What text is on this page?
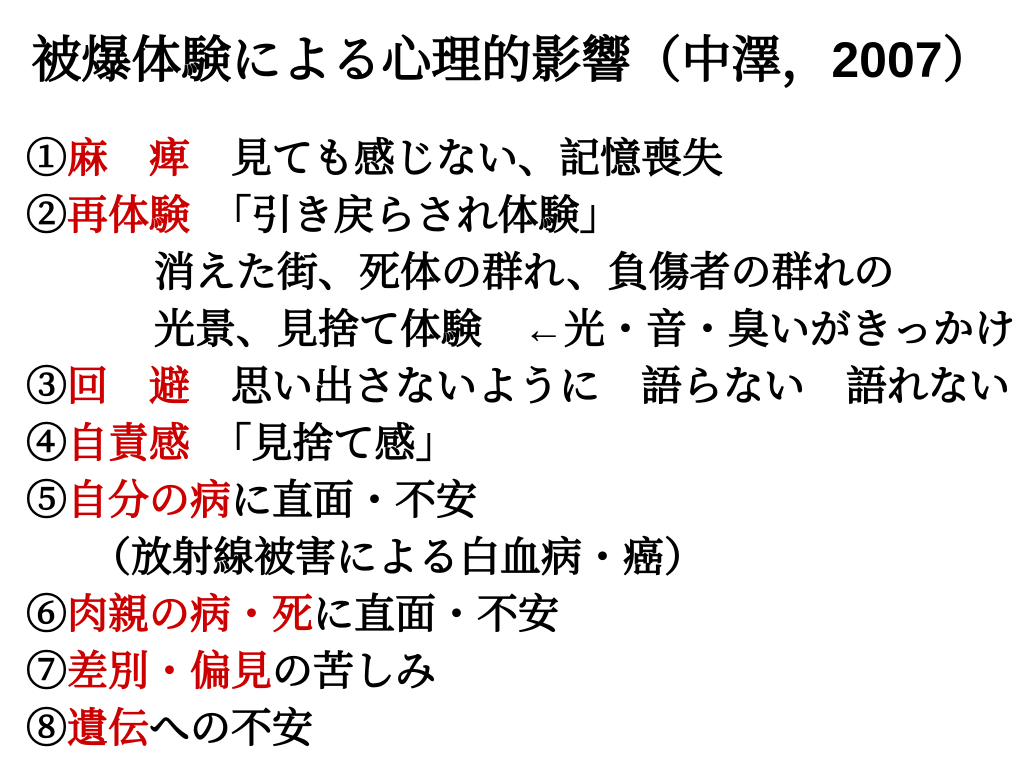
被爆体験による心理的影響（中澤，2007）
①麻　痺　見ても感じない、記憶喪失
②再体験　「引き戻らされ体験」
消えた街、死体の群れ、負傷者の群れの
光景、見捨て体験　←光・音・臭いがきっかけ
③回　避　思い出さないように　語らない　語れない
④自責感　「見捨て感」
⑤自分の病に直面・不安
（放射線被害による白血病・癌）
⑥肉親の病・死に直面・不安
⑦差別・偏見の苦しみ
⑧遺伝への不安
